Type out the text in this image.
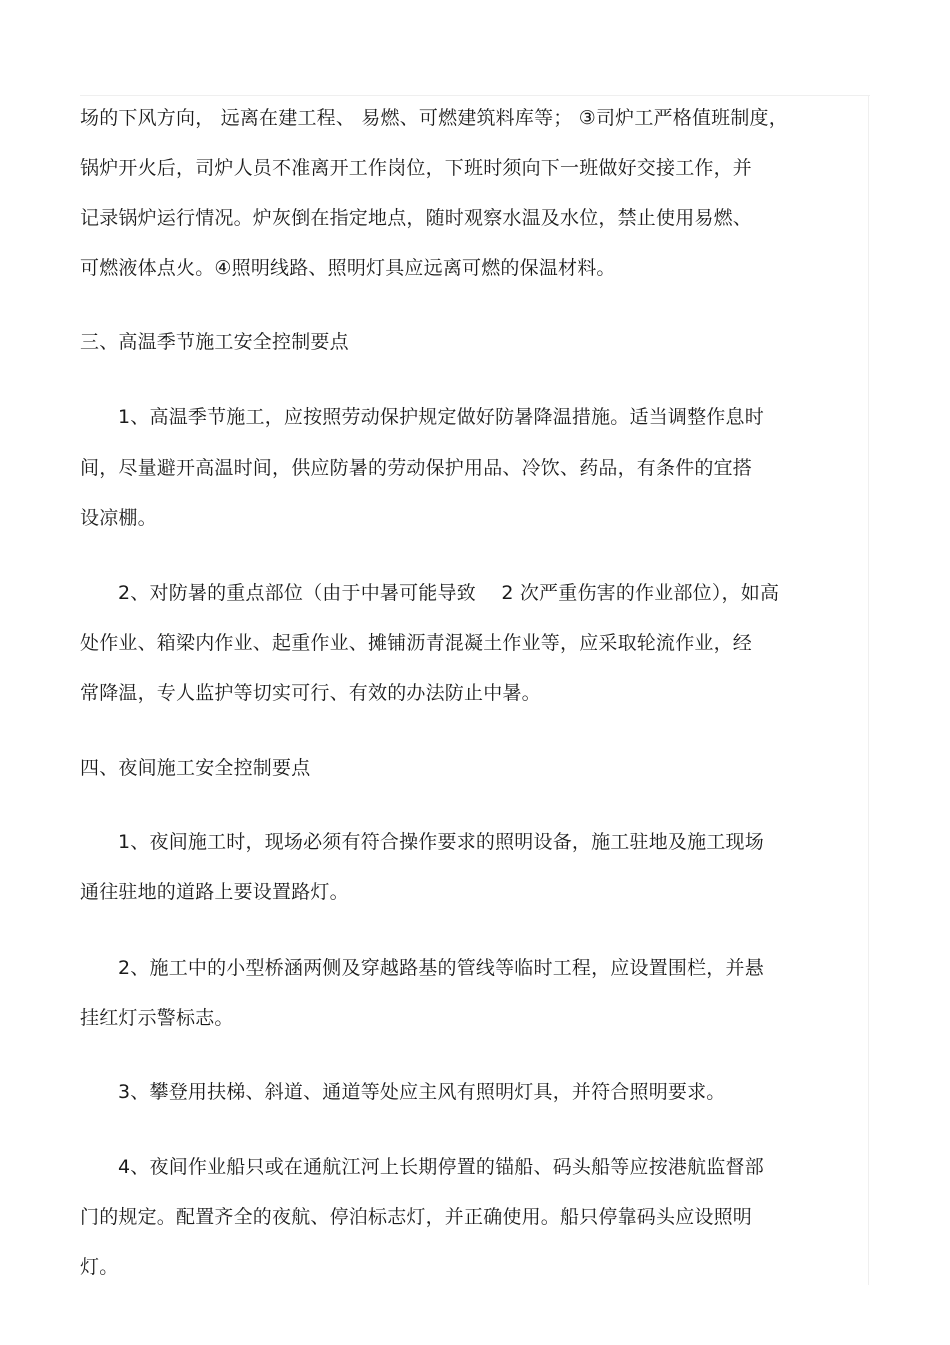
场的下风方向， 远离在建工程、 易燃、可燃建筑料库等； ③司炉工严格值班制度，
锅炉开火后，司炉人员不准离开工作岗位，下班时须向下一班做好交接工作，并
记录锅炉运行情况。炉灰倒在指定地点，随时观察水温及水位，禁止使用易燃、
可燃液体点火。④照明线路、照明灯具应远离可燃的保温材料。
三、高温季节施工安全控制要点
1、高温季节施工，应按照劳动保护规定做好防暑降温措施。适当调整作息时
间，尽量避开高温时间，供应防暑的劳动保护用品、冷饮、药品，有条件的宜搭
设凉棚。
2、对防暑的重点部位（由于中暑可能导致 　2 次严重伤害的作业部位），如高
处作业、箱梁内作业、起重作业、摊铺沥青混凝土作业等，应采取轮流作业，经
常降温，专人监护等切实可行、有效的办法防止中暑。
四、夜间施工安全控制要点
1、夜间施工时，现场必须有符合操作要求的照明设备，施工驻地及施工现场
通往驻地的道路上要设置路灯。
2、施工中的小型桥涵两侧及穿越路基的管线等临时工程，应设置围栏，并悬
挂红灯示警标志。
3、攀登用扶梯、斜道、通道等处应主风有照明灯具，并符合照明要求。
4、夜间作业船只或在通航江河上长期停置的锚船、码头船等应按港航监督部
门的规定。配置齐全的夜航、停泊标志灯，并正确使用。船只停靠码头应设照明
灯。
